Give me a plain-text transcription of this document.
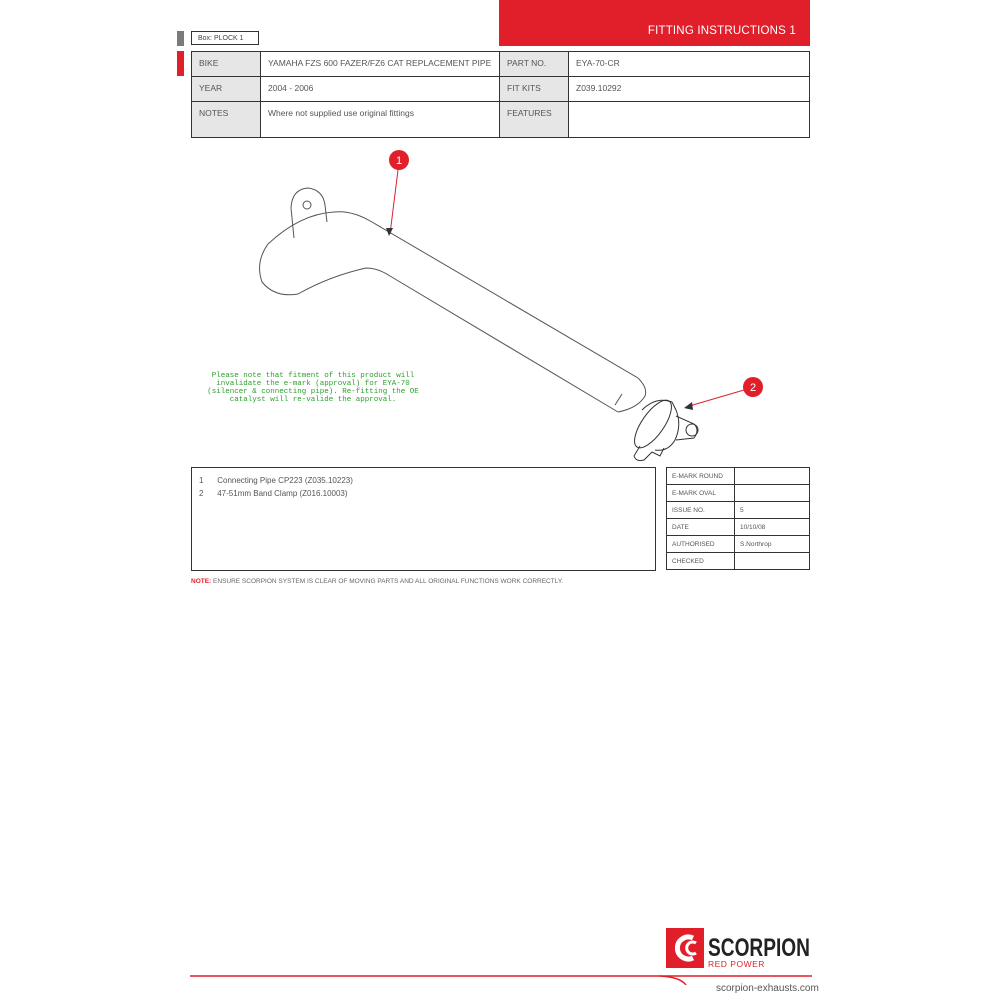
FITTING INSTRUCTIONS 1
Box: PLOCK 1
BIKE	YAMAHA FZS 600 FAZER/FZ6 CAT REPLACEMENT PIPE	PART NO.	EYA-70-CR
YEAR	2004 - 2006	FIT KITS	Z039.10292
NOTES	Where not supplied use original fittings	FEATURES	
1
2
Please note that fitment of this product will
invalidate the e-mark (approval) for EYA-70
(silencer & connecting pipe). Re-fitting the OE
catalyst will re-valide the approval.
1 Connecting Pipe CP223 (Z035.10223)
2 47-51mm Band Clamp (Z016.10003)
E-MARK ROUND	
E-MARK OVAL	
ISSUE NO.	5
DATE	10/10/08
AUTHORISED	S.Northrop
CHECKED	
NOTE: ENSURE SCORPION SYSTEM IS CLEAR OF MOVING PARTS AND ALL ORIGINAL FUNCTIONS WORK CORRECTLY.
SCORPION
RED POWER
scorpion-exhausts.com
